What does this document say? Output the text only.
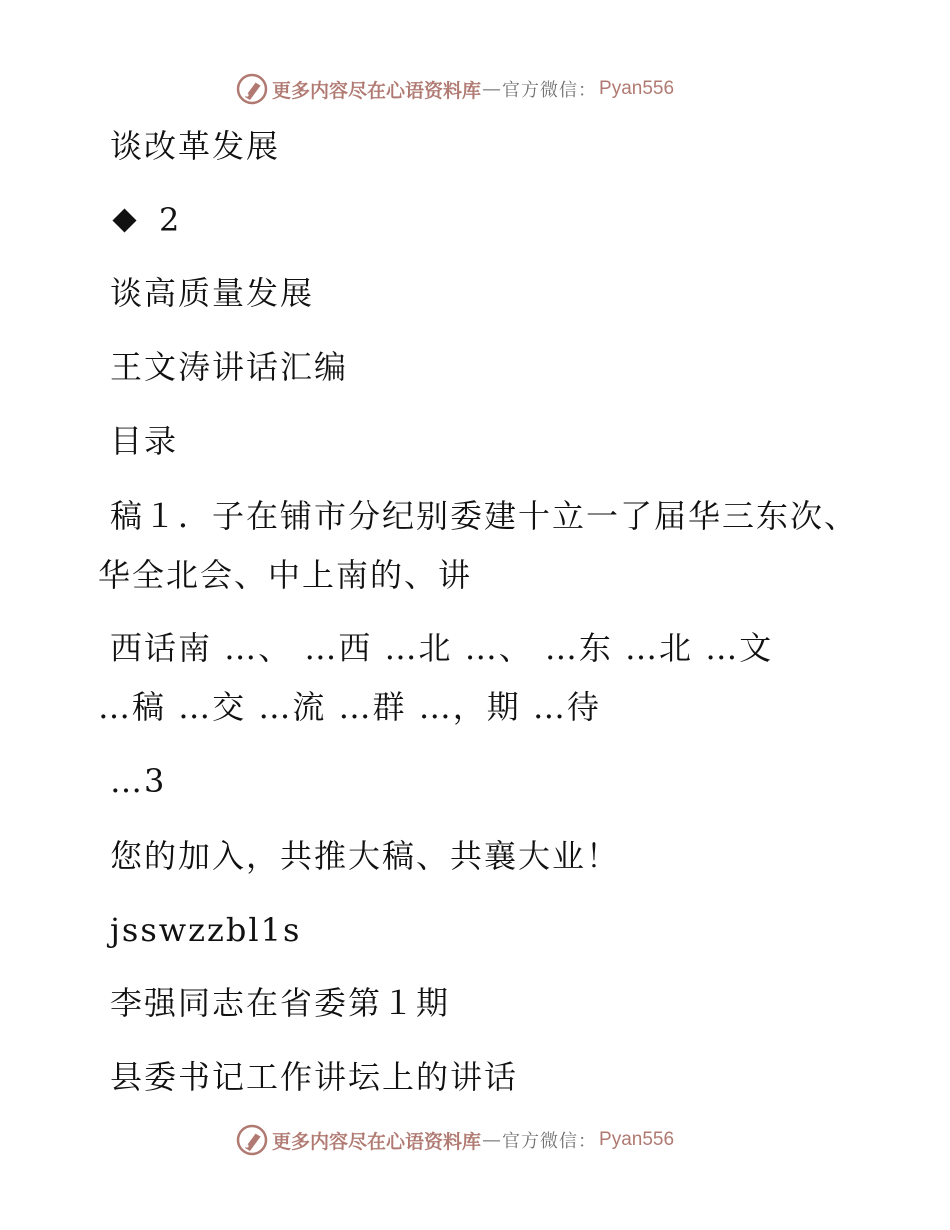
更多内容尽在心语资料库 — 官方微信： Pyan556
谈改革发展
2
谈高质量发展
王文涛讲话汇编
目录
稿１．子在铺市分纪别委建十立一了届华三东次、
华全北会、中上南的、讲
西话南 …、 …西 …北 …、 …东 …北 …文
…稿 …交 …流 …群 …，期 …待
…3
您的加入，共推大稿、共襄大业！
jsswzzbl1s
李强同志在省委第１期
县委书记工作讲坛上的讲话
更多内容尽在心语资料库 — 官方微信： Pyan556
